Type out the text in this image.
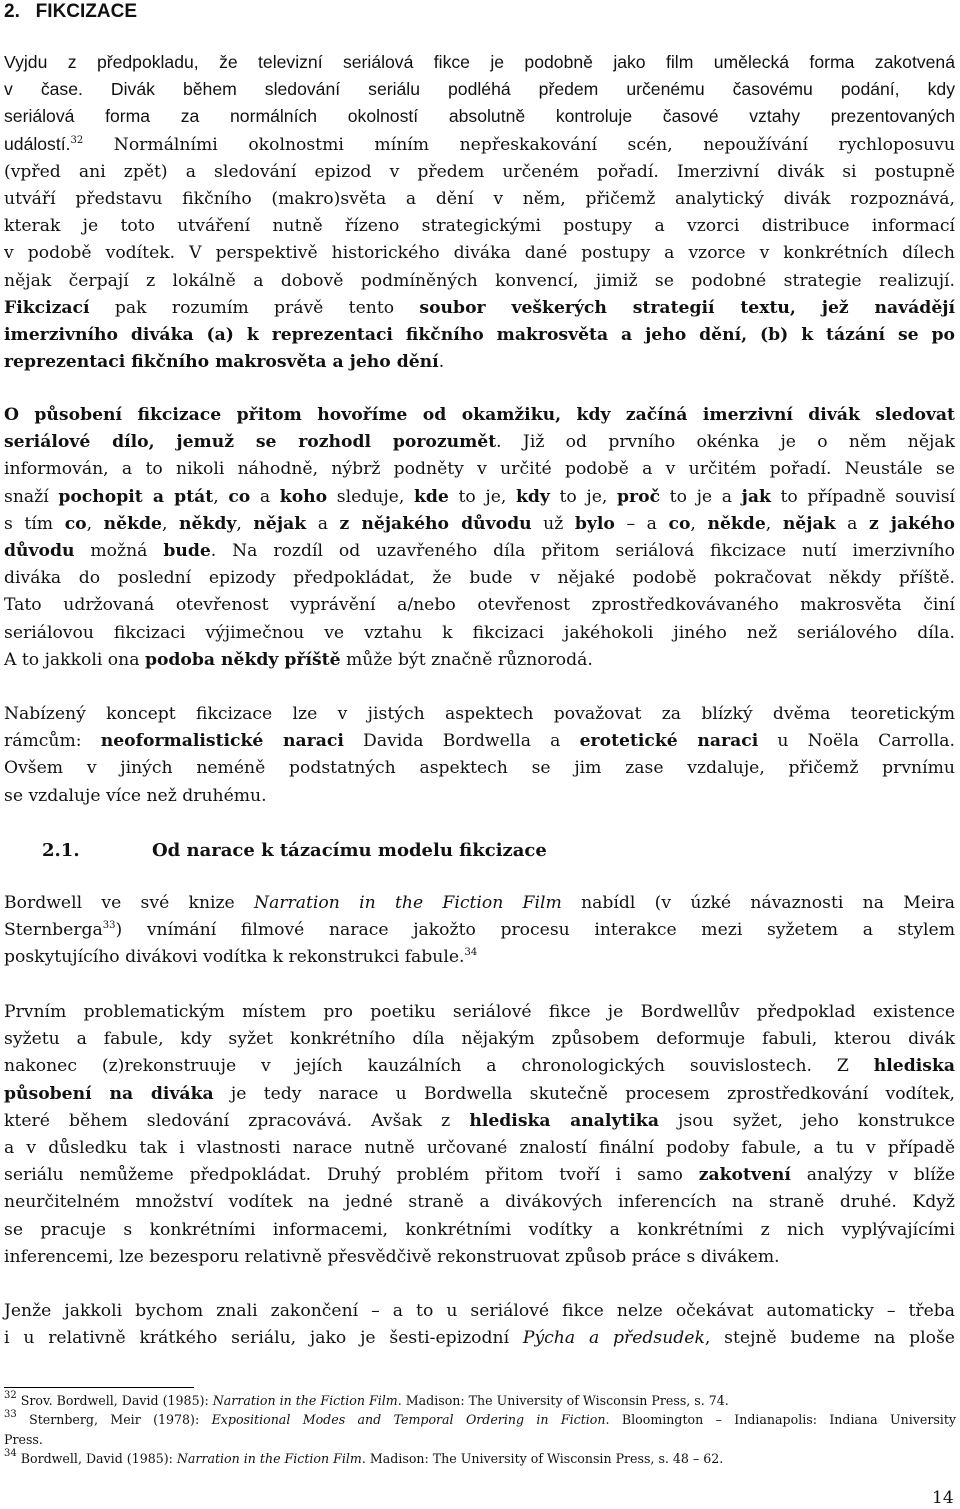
2.   FIKCIZACE
Vyjdu z předpokladu, že televizní seriálová fikce je podobně jako film umělecká forma zakotvená
v čase. Divák během sledování seriálu podléhá předem určenému časovému podání, kdy
seriálová forma za normálních okolností absolutně kontroluje časové vztahy prezentovaných
událostí.$^{32}$ Normálními okolnostmi míním nepřeskakování scén, nepoužívání rychloposuvu
(vpřed ani zpět) a sledování epizod v předem určeném pořadí. Imerzivní divák si postupně
utváří představu fikčního (makro)světa a dění v něm, přičemž analytický divák rozpoznává,
kterak je toto utváření nutně řízeno strategickými postupy a vzorci distribuce informací
v podobě vodítek. V perspektivě historického diváka dané postupy a vzorce v konkrétních dílech
nějak čerpají z lokálně a dobově podmíněných konvencí, jimiž se podobné strategie realizují.
Fikcizací pak rozumím právě tento soubor veškerých strategií textu, jež navádějí
imerzivního diváka (a) k reprezentaci fikčního makrosvěta a jeho dění, (b) k tázání se po
reprezentaci fikčního makrosvěta a jeho dění.
O působení fikcizace přitom hovoříme od okamžiku, kdy začíná imerzivní divák sledovat
seriálové dílo, jemuž se rozhodl porozumět. Již od prvního okénka je o něm nějak
informován, a to nikoli náhodně, nýbrž podněty v určité podobě a v určitém pořadí. Neustále se
snaží pochopit a ptát, co a koho sleduje, kde to je, kdy to je, proč to je a jak to případně souvisí
s tím co, někde, někdy, nějak a z nějakého důvodu už bylo – a co, někde, nějak a z jakého
důvodu možná bude. Na rozdíl od uzavřeného díla přitom seriálová fikcizace nutí imerzivního
diváka do poslední epizody předpokládat, že bude v nějaké podobě pokračovat někdy příště.
Tato udržovaná otevřenost vyprávění a/nebo otevřenost zprostředkovávaného makrosvěta činí
seriálovou fikcizaci výjimečnou ve vztahu k fikcizaci jakéhokoli jiného než seriálového díla.
A to jakkoli ona podoba někdy příště může být značně různorodá.
Nabízený koncept fikcizace lze v jistých aspektech považovat za blízký dvěma teoretickým
rámcům: neoformalistické naraci Davida Bordwella a erotetické naraci u Noëla Carrolla.
Ovšem v jiných neméně podstatných aspektech se jim zase vzdaluje, přičemž prvnímu
se vzdaluje více než druhému.
2.1.	Od narace k tázacímu modelu fikcizace
Bordwell ve své knize Narration in the Fiction Film nabídl (v úzké návaznosti na Meira
Sternberga$^{33}$) vnímání filmové narace jakožto procesu interakce mezi syžetem a stylem
poskytujícího divákovi vodítka k rekonstrukci fabule.$^{34}$
Prvním problematickým místem pro poetiku seriálové fikce je Bordwellův předpoklad existence
syžetu a fabule, kdy syžet konkrétního díla nějakým způsobem deformuje fabuli, kterou divák
nakonec (z)rekonstruuje v jejích kauzálních a chronologických souvislostech. Z hlediska
působení na diváka je tedy narace u Bordwella skutečně procesem zprostředkování vodítek,
které během sledování zpracovává. Avšak z hlediska analytika jsou syžet, jeho konstrukce
a v důsledku tak i vlastnosti narace nutně určované znalostí finální podoby fabule, a tu v případě
seriálu nemůžeme předpokládat. Druhý problém přitom tvoří i samo zakotvení analýzy v blíže
neurčitelném množství vodítek na jedné straně a divákových inferencích na straně druhé. Když
se pracuje s konkrétními informacemi, konkrétními vodítky a konkrétními z nich vyplývajícími
inferencemi, lze bezesporu relativně přesvědčivě rekonstruovat způsob práce s divákem.
Jenže jakkoli bychom znali zakončení – a to u seriálové fikce nelze očekávat automaticky – třeba
i u relativně krátkého seriálu, jako je šesti-epizodní Pýcha a předsudek, stejně budeme na ploše
$^{32}$ Srov. Bordwell, David (1985): Narration in the Fiction Film. Madison: The University of Wisconsin Press, s. 74.
$^{33}$ Sternberg, Meir (1978): Expositional Modes and Temporal Ordering in Fiction. Bloomington – Indianapolis: Indiana University
Press.
$^{34}$ Bordwell, David (1985): Narration in the Fiction Film. Madison: The University of Wisconsin Press, s. 48 – 62.
14
